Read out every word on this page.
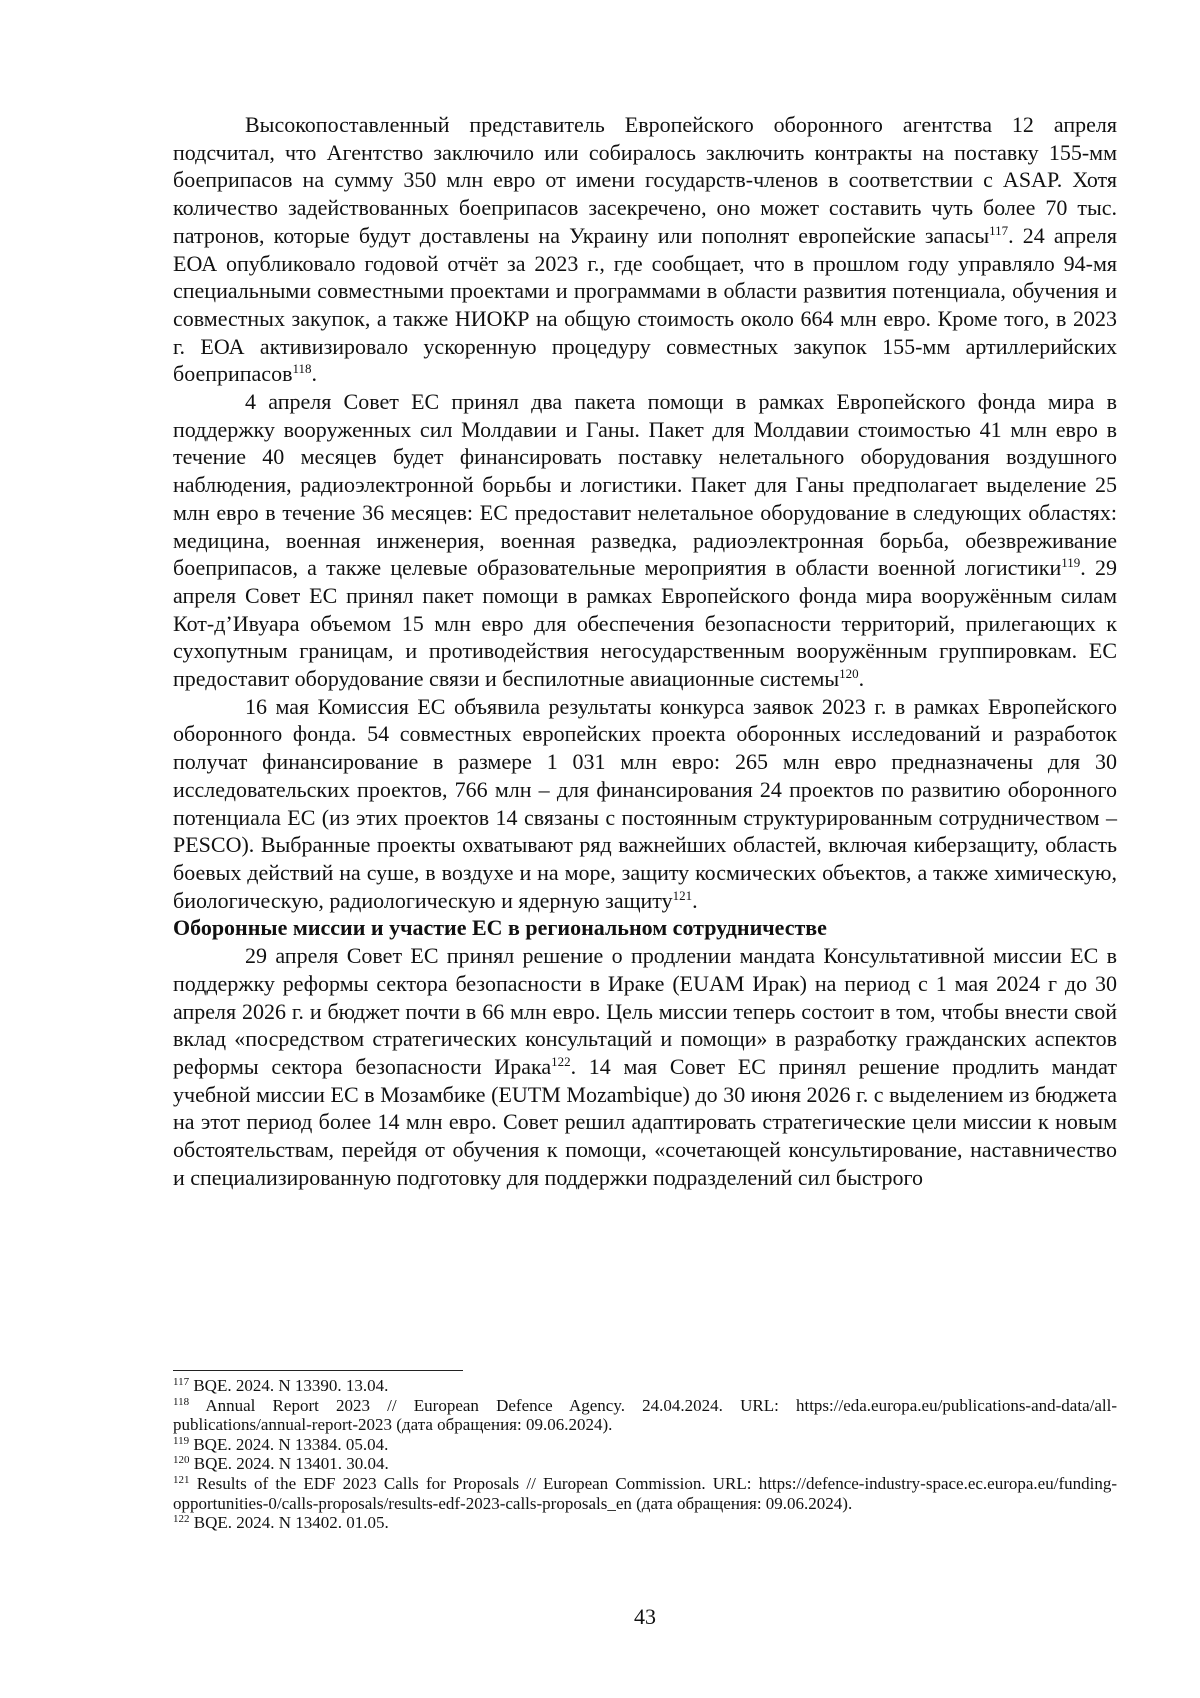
Высокопоставленный представитель Европейского оборонного агентства 12 апреля подсчитал, что Агентство заключило или собиралось заключить контракты на поставку 155-мм боеприпасов на сумму 350 млн евро от имени государств-членов в соответствии с ASAP. Хотя количество задействованных боеприпасов засекречено, оно может составить чуть более 70 тыс. патронов, которые будут доставлены на Украину или пополнят европейские запасы$^{117}$. 24 апреля ЕОА опубликовало годовой отчёт за 2023 г., где сообщает, что в прошлом году управляло 94-мя специальными совместными проектами и программами в области развития потенциала, обучения и совместных закупок, а также НИОКР на общую стоимость около 664 млн евро. Кроме того, в 2023 г. ЕОА активизировало ускоренную процедуру совместных закупок 155-мм артиллерийских боеприпасов$^{118}$.

4 апреля Совет ЕС принял два пакета помощи в рамках Европейского фонда мира в поддержку вооруженных сил Молдавии и Ганы. Пакет для Молдавии стоимостью 41 млн евро в течение 40 месяцев будет финансировать поставку нелетального оборудования воздушного наблюдения, радиоэлектронной борьбы и логистики. Пакет для Ганы предполагает выделение 25 млн евро в течение 36 месяцев: ЕС предоставит нелетальное оборудование в следующих областях: медицина, военная инженерия, военная разведка, радиоэлектронная борьба, обезвреживание боеприпасов, а также целевые образовательные мероприятия в области военной логистики$^{119}$. 29 апреля Совет ЕС принял пакет помощи в рамках Европейского фонда мира вооружённым силам Кот-д’Ивуара объемом 15 млн евро для обеспечения безопасности территорий, прилегающих к сухопутным границам, и противодействия негосударственным вооружённым группировкам. ЕС предоставит оборудование связи и беспилотные авиационные системы$^{120}$.

16 мая Комиссия ЕС объявила результаты конкурса заявок 2023 г. в рамках Европейского оборонного фонда. 54 совместных европейских проекта оборонных исследований и разработок получат финансирование в размере 1 031 млн евро: 265 млн евро предназначены для 30 исследовательских проектов, 766 млн – для финансирования 24 проектов по развитию оборонного потенциала ЕС (из этих проектов 14 связаны с постоянным структурированным сотрудничеством – PESCO). Выбранные проекты охватывают ряд важнейших областей, включая киберзащиту, область боевых действий на суше, в воздухе и на море, защиту космических объектов, а также химическую, биологическую, радиологическую и ядерную защиту$^{121}$.

Оборонные миссии и участие ЕС в региональном сотрудничестве

29 апреля Совет ЕС принял решение о продлении мандата Консультативной миссии ЕС в поддержку реформы сектора безопасности в Ираке (EUAM Ирак) на период с 1 мая 2024 г до 30 апреля 2026 г. и бюджет почти в 66 млн евро. Цель миссии теперь состоит в том, чтобы внести свой вклад «посредством стратегических консультаций и помощи» в разработку гражданских аспектов реформы сектора безопасности Ирака$^{122}$. 14 мая Совет ЕС принял решение продлить мандат учебной миссии ЕС в Мозамбике (EUTM Mozambique) до 30 июня 2026 г. с выделением из бюджета на этот период более 14 млн евро. Совет решил адаптировать стратегические цели миссии к новым обстоятельствам, перейдя от обучения к помощи, «сочетающей консультирование, наставничество и специализированную подготовку для поддержки подразделений сил быстрого

$^{117}$ BQE. 2024. N 13390. 13.04.

$^{118}$ Annual Report 2023 // European Defence Agency. 24.04.2024. URL: https://eda.europa.eu/publications-and-data/all-publications/annual-report-2023 (дата обращения: 09.06.2024).

$^{119}$ BQE. 2024. N 13384. 05.04.

$^{120}$ BQE. 2024. N 13401. 30.04.

$^{121}$ Results of the EDF 2023 Calls for Proposals // European Commission. URL: https://defence-industry-space.ec.europa.eu/funding-opportunities-0/calls-proposals/results-edf-2023-calls-proposals_en (дата обращения: 09.06.2024).

$^{122}$ BQE. 2024. N 13402. 01.05.

43
